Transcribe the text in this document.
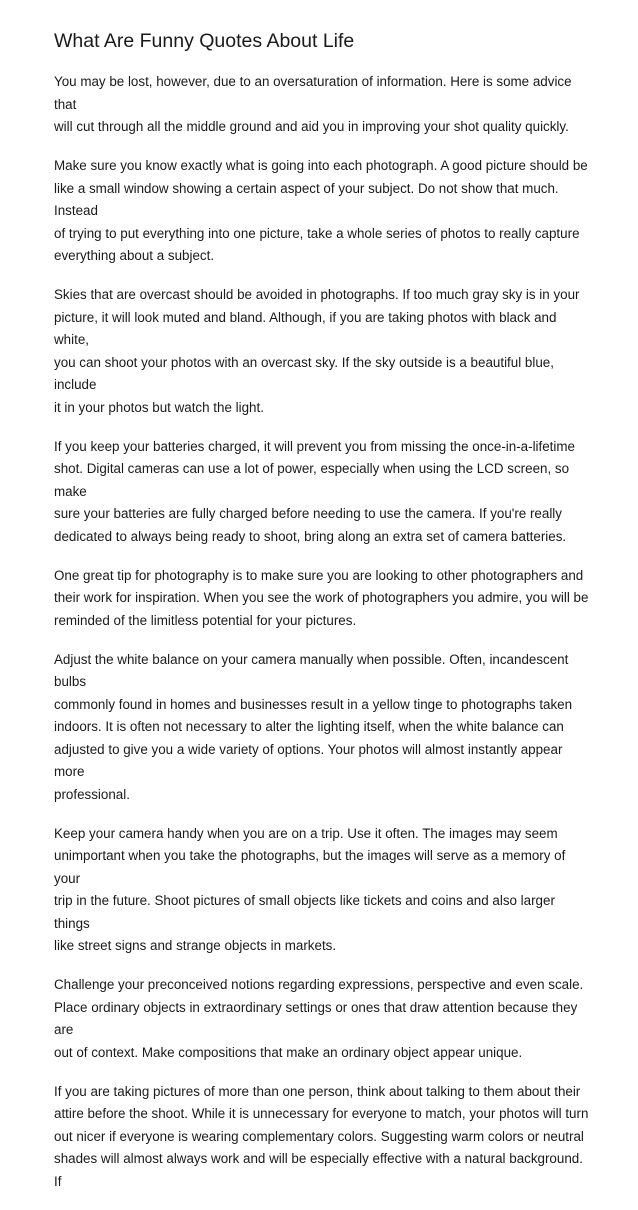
What Are Funny Quotes About Life

You may be lost, however, due to an oversaturation of information. Here is some advice that
will cut through all the middle ground and aid you in improving your shot quality quickly.

Make sure you know exactly what is going into each photograph. A good picture should be
like a small window showing a certain aspect of your subject. Do not show that much. Instead
of trying to put everything into one picture, take a whole series of photos to really capture
everything about a subject.

Skies that are overcast should be avoided in photographs. If too much gray sky is in your
picture, it will look muted and bland. Although, if you are taking photos with black and white,
you can shoot your photos with an overcast sky. If the sky outside is a beautiful blue, include
it in your photos but watch the light.

If you keep your batteries charged, it will prevent you from missing the once-in-a-lifetime
shot. Digital cameras can use a lot of power, especially when using the LCD screen, so make
sure your batteries are fully charged before needing to use the camera. If you're really
dedicated to always being ready to shoot, bring along an extra set of camera batteries.

One great tip for photography is to make sure you are looking to other photographers and
their work for inspiration. When you see the work of photographers you admire, you will be
reminded of the limitless potential for your pictures.

Adjust the white balance on your camera manually when possible. Often, incandescent bulbs
commonly found in homes and businesses result in a yellow tinge to photographs taken
indoors. It is often not necessary to alter the lighting itself, when the white balance can
adjusted to give you a wide variety of options. Your photos will almost instantly appear more
professional.

Keep your camera handy when you are on a trip. Use it often. The images may seem
unimportant when you take the photographs, but the images will serve as a memory of your
trip in the future. Shoot pictures of small objects like tickets and coins and also larger things
like street signs and strange objects in markets.

Challenge your preconceived notions regarding expressions, perspective and even scale.
Place ordinary objects in extraordinary settings or ones that draw attention because they are
out of context. Make compositions that make an ordinary object appear unique.

If you are taking pictures of more than one person, think about talking to them about their
attire before the shoot. While it is unnecessary for everyone to match, your photos will turn
out nicer if everyone is wearing complementary colors. Suggesting warm colors or neutral
shades will almost always work and will be especially effective with a natural background. If
